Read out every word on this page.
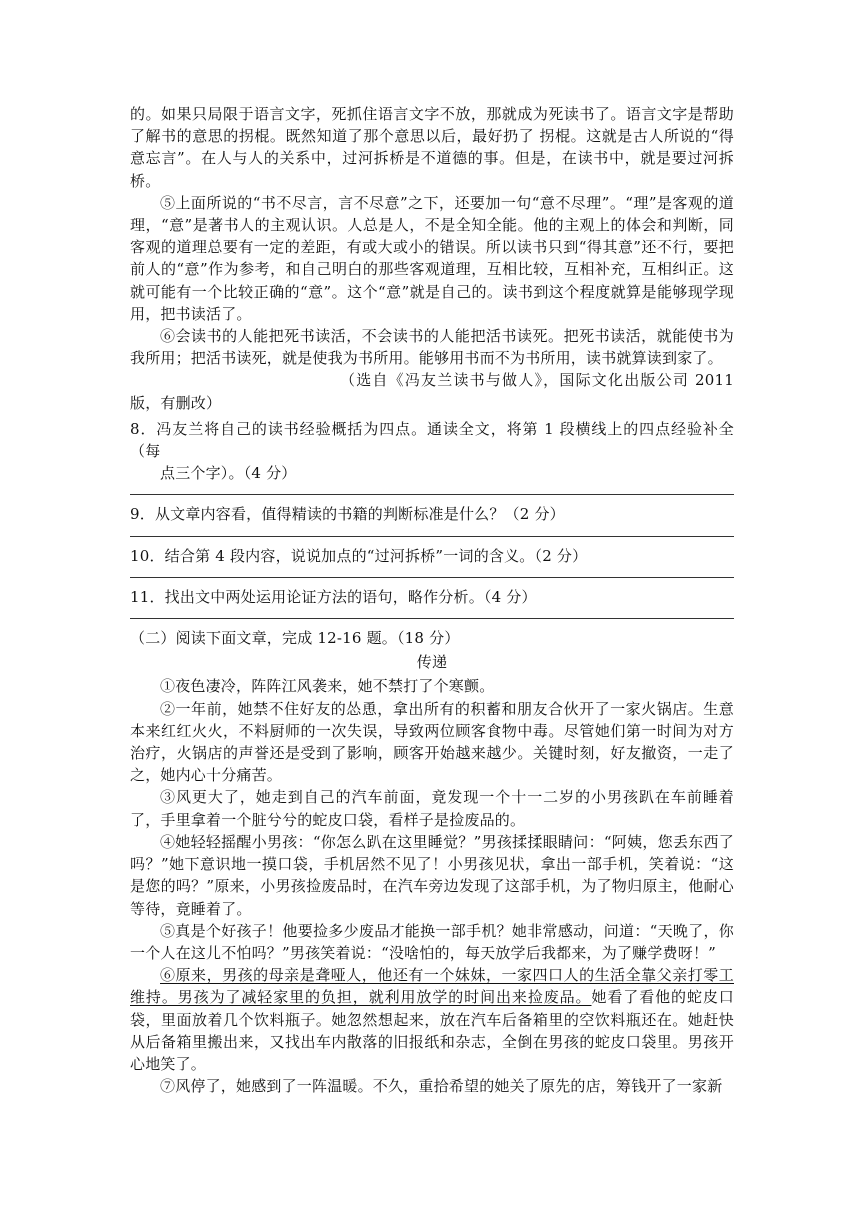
的。如果只局限于语言文字，死抓住语言文字不放，那就成为死读书了。语言文字是帮助了解书的意思的拐棍。既然知道了那个意思以后，最好扔了 拐棍。这就是古人所说的“得意忘言”。在人与人的关系中，过河拆桥是不道德的事。但是，在读书中，就是要过河拆桥。

⑤上面所说的“书不尽言，言不尽意”之下，还要加一句“意不尽理”。“理”是客观的道理，“意”是著书人的主观认识。人总是人，不是全知全能。他的主观上的体会和判断，同客观的道理总要有一定的差距，有或大或小的错误。所以读书只到“得其意”还不行，要把前人的“意”作为参考，和自己明白的那些客观道理，互相比较，互相补充，互相纠正。这就可能有一个比较正确的“意”。这个“意”就是自己的。读书到这个程度就算是能够现学现用，把书读活了。

⑥会读书的人能把死书读活，不会读书的人能把活书读死。把死书读活，就能使书为我所用；把活书读死，就是使我为书所用。能够用书而不为书所用，读书就算读到家了。

（选自《冯友兰读书与做人》，国际文化出版公司 2011 版，有删改）

8．冯友兰将自己的读书经验概括为四点。通读全文，将第 1 段横线上的四点经验补全（每

点三个字）。（4 分）

9．从文章内容看，值得精读的书籍的判断标准是什么？（2 分）

10．结合第 4 段内容，说说加点的“过河拆桥”一词的含义。（2 分）

11．找出文中两处运用论证方法的语句，略作分析。（4 分）

（二）阅读下面文章，完成 12-16 题。（18 分）

传递

①夜色凄冷，阵阵江风袭来，她不禁打了个寒颤。

②一年前，她禁不住好友的怂恿，拿出所有的积蓄和朋友合伙开了一家火锅店。生意本来红红火火，不料厨师的一次失误，导致两位顾客食物中毒。尽管她们第一时间为对方治疗，火锅店的声誉还是受到了影响，顾客开始越来越少。关键时刻，好友撤资，一走了之，她内心十分痛苦。

③风更大了，她走到自己的汽车前面，竟发现一个十一二岁的小男孩趴在车前睡着了，手里拿着一个脏兮兮的蛇皮口袋，看样子是捡废品的。

④她轻轻摇醒小男孩：“你怎么趴在这里睡觉？”男孩揉揉眼睛问：“阿姨，您丢东西了吗？”她下意识地一摸口袋，手机居然不见了！小男孩见状，拿出一部手机，笑着说：“这是您的吗？”原来，小男孩捡废品时，在汽车旁边发现了这部手机，为了物归原主，他耐心等待，竟睡着了。

⑤真是个好孩子！他要捡多少废品才能换一部手机？她非常感动，问道：“天晚了，你一个人在这儿不怕吗？”男孩笑着说：“没啥怕的，每天放学后我都来，为了赚学费呀！”

⑥原来，男孩的母亲是聋哑人，他还有一个妹妹，一家四口人的生活全靠父亲打零工维持。男孩为了减轻家里的负担，就利用放学的时间出来捡废品。她看了看他的蛇皮口袋，里面放着几个饮料瓶子。她忽然想起来，放在汽车后备箱里的空饮料瓶还在。她赶快从后备箱里搬出来，又找出车内散落的旧报纸和杂志，全倒在男孩的蛇皮口袋里。男孩开心地笑了。

⑦风停了，她感到了一阵温暖。不久，重拾希望的她关了原先的店，筹钱开了一家新
